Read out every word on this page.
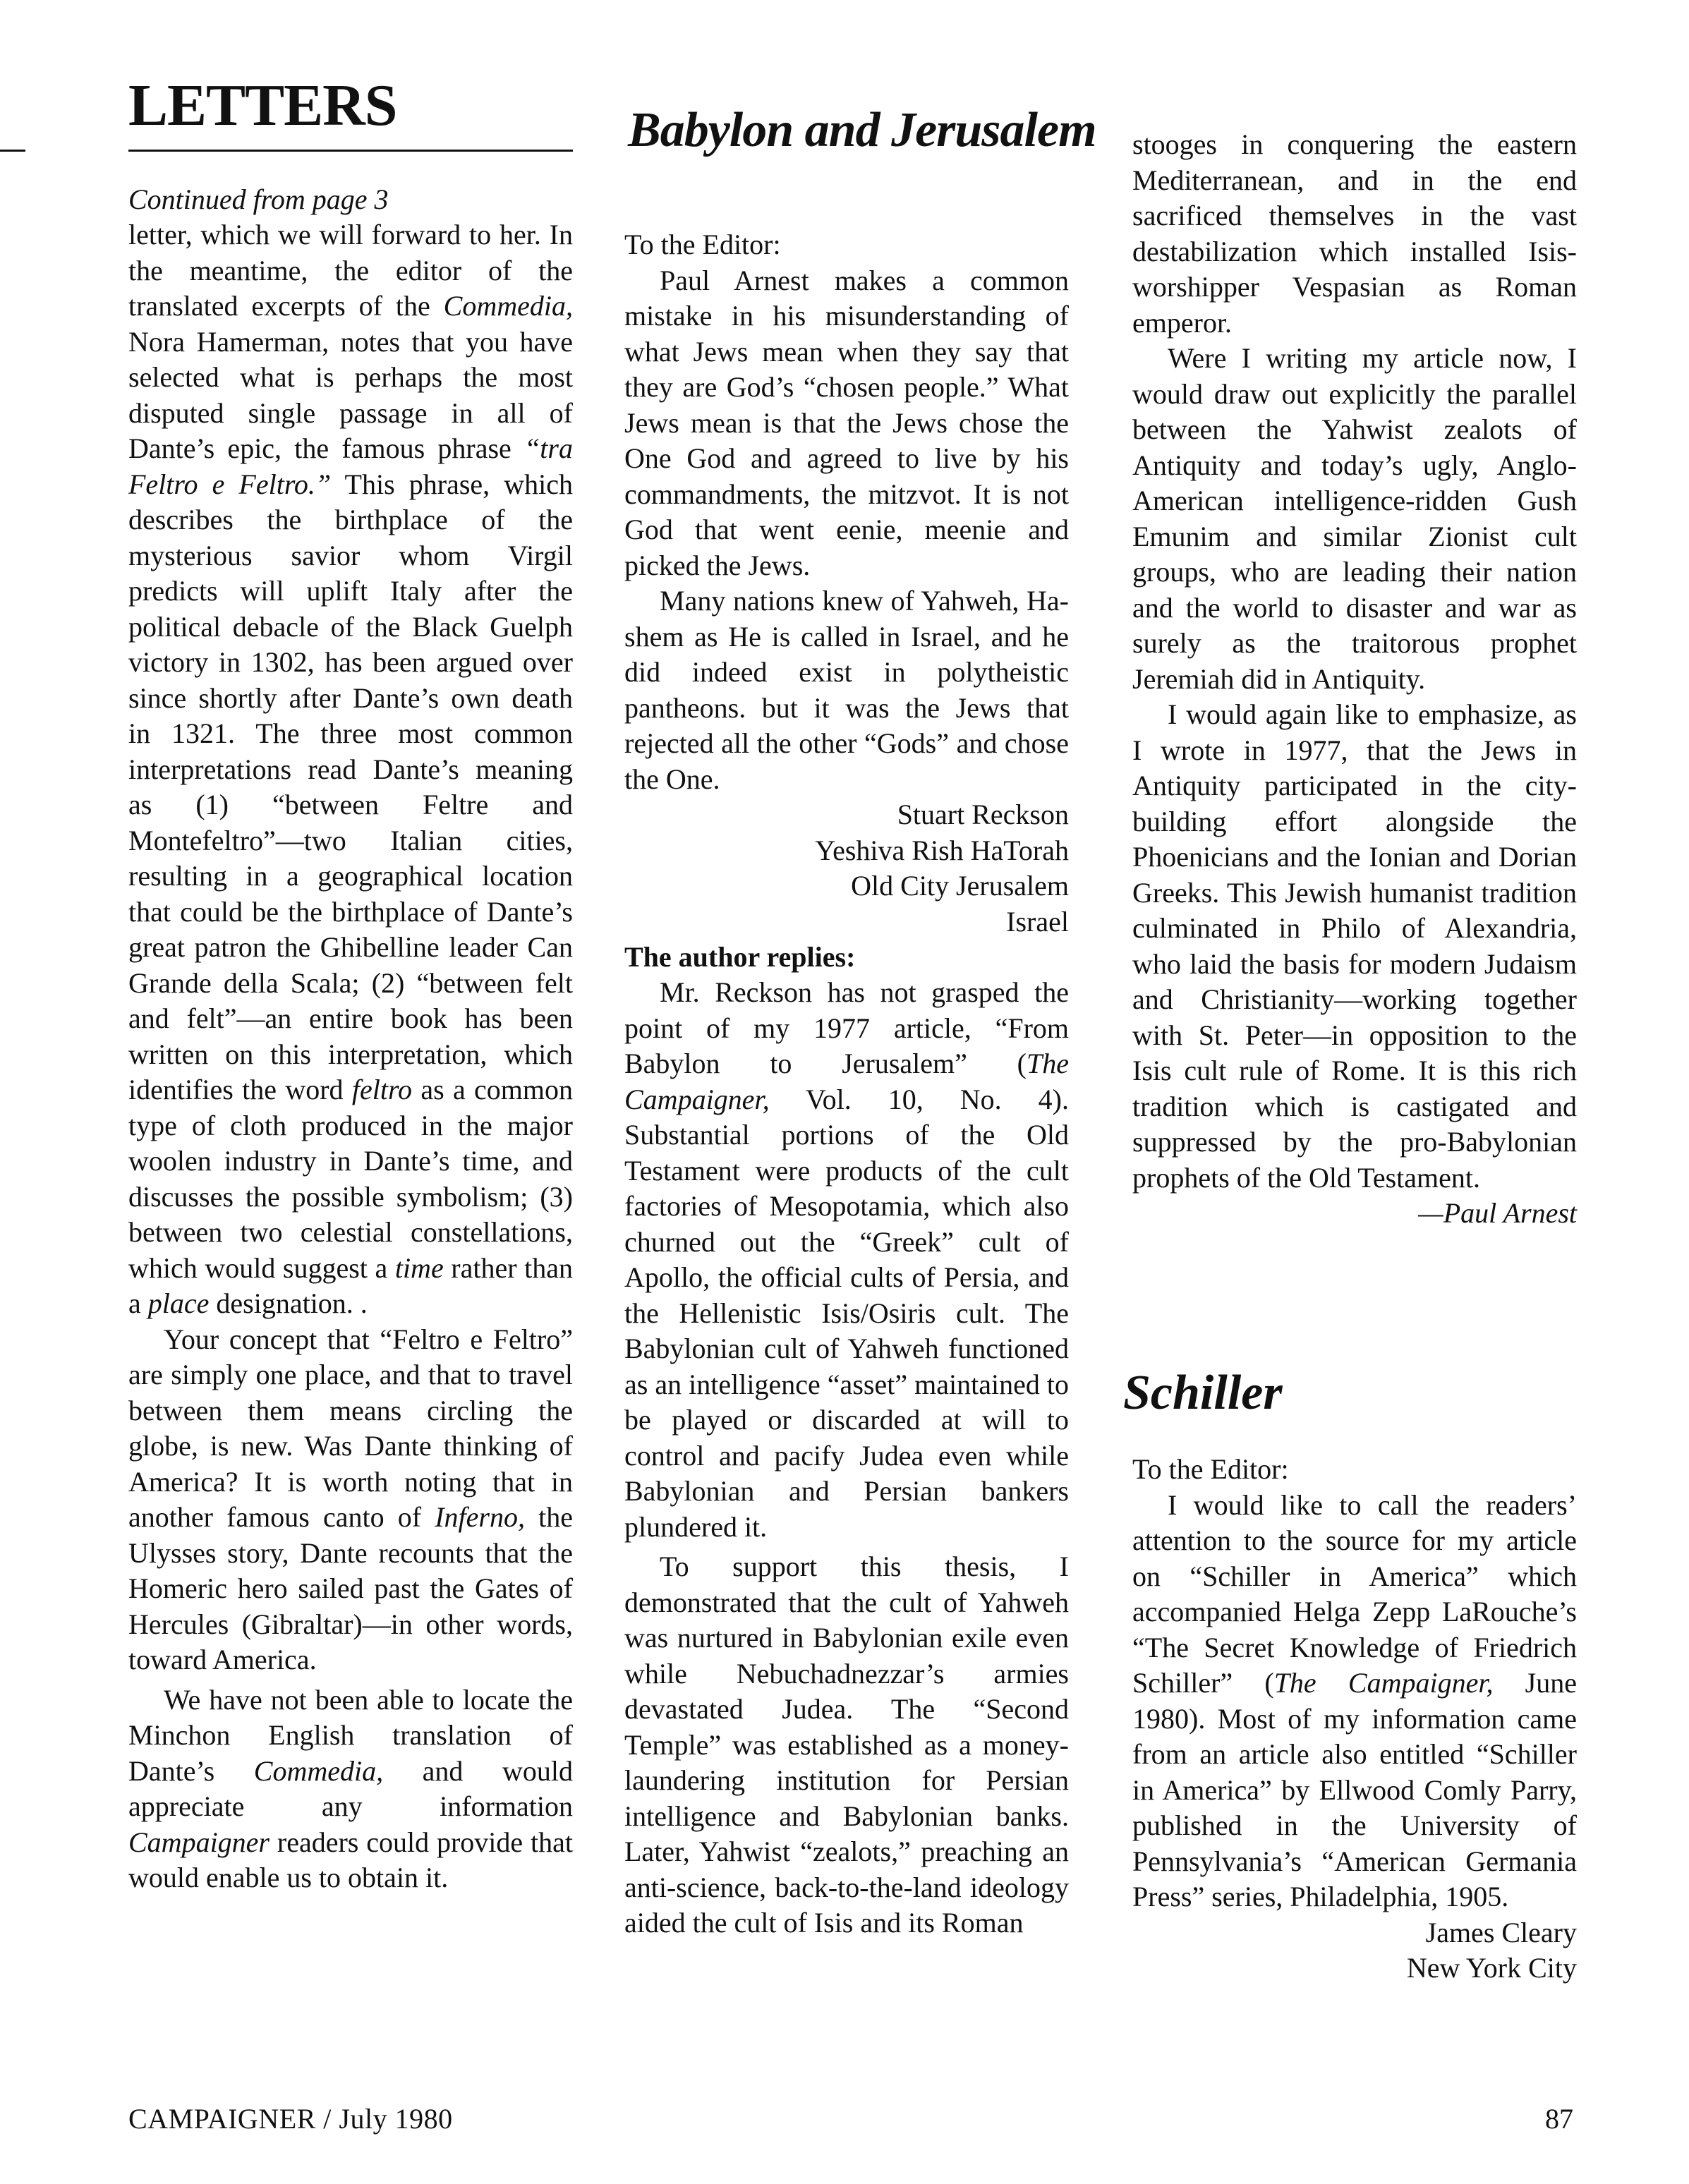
LETTERS	Babylon and Jerusalem
Continued from page 3

letter, which we will forward to her. In the meantime, the editor of the translated excerpts of the Commedia, Nora Hamerman, notes that you have selected what is perhaps the most disputed single passage in all of Dante’s epic, the famous phrase “tra Feltro e Feltro.” This phrase, which describes the birthplace of the mysterious savior whom Virgil predicts will uplift Italy after the political debacle of the Black Guelph victory in 1302, has been argued over since shortly after Dante’s own death in 1321. The three most common interpretations read Dante’s meaning as (1) “between Feltre and Montefeltro”—two Italian cities, resulting in a geographical location that could be the birthplace of Dante’s great patron the Ghibelline leader Can Grande della Scala; (2) “between felt and felt”—an entire book has been written on this interpretation, which identifies the word feltro as a common type of cloth produced in the major woolen industry in Dante’s time, and discusses the possible symbolism; (3) between two celestial constellations, which would suggest a time rather than a place designation. .

Your concept that “Feltro e Feltro” are simply one place, and that to travel between them means circling the globe, is new. Was Dante thinking of America? It is worth noting that in another famous canto of Inferno, the Ulysses story, Dante recounts that the Homeric hero sailed past the Gates of Hercules (Gibraltar)—in other words, toward America.

We have not been able to locate the Minchon English translation of Dante’s Commedia, and would appreciate any information Campaigner readers could provide that would enable us to obtain it.

To the Editor:

Paul Arnest makes a common mistake in his misunderstanding of what Jews mean when they say that they are God’s “chosen people.” What Jews mean is that the Jews chose the One God and agreed to live by his commandments, the mitzvot. It is not God that went eenie, meenie and picked the Jews.

Many nations knew of Yahweh, Ha-shem as He is called in Israel, and he did indeed exist in polytheistic pantheons. but it was the Jews that rejected all the other “Gods” and chose the One.

Stuart Reckson

Yeshiva Rish HaTorah

Old City Jerusalem

Israel

The author replies:

Mr. Reckson has not grasped the point of my 1977 article, “From Babylon to Jerusalem” (The Campaigner, Vol. 10, No. 4). Substantial portions of the Old Testament were products of the cult factories of Mesopotamia, which also churned out the “Greek” cult of Apollo, the official cults of Persia, and the Hellenistic Isis/Osiris cult. The Babylonian cult of Yahweh functioned as an intelligence “asset” maintained to be played or discarded at will to control and pacify Judea even while Babylonian and Persian bankers plundered it.

To support this thesis, I demonstrated that the cult of Yahweh was nurtured in Babylonian exile even while Nebuchadnezzar’s armies devastated Judea. The “Second Temple” was established as a money-laundering institution for Persian intelligence and Babylonian banks. Later, Yahwist “zealots,” preaching an anti-science, back-to-the-land ideology aided the cult of Isis and its Roman

stooges in conquering the eastern Mediterranean, and in the end sacrificed themselves in the vast destabilization which installed Isis-worshipper Vespasian as Roman emperor.

Were I writing my article now, I would draw out explicitly the parallel between the Yahwist zealots of Antiquity and today’s ugly, Anglo-American intelligence-ridden Gush Emunim and similar Zionist cult groups, who are leading their nation and the world to disaster and war as surely as the traitorous prophet Jeremiah did in Antiquity.

I would again like to emphasize, as I wrote in 1977, that the Jews in Antiquity participated in the city-building effort alongside the Phoenicians and the Ionian and Dorian Greeks. This Jewish humanist tradition culminated in Philo of Alexandria, who laid the basis for modern Judaism and Christianity—working together with St. Peter—in opposition to the Isis cult rule of Rome. It is this rich tradition which is castigated and suppressed by the pro-Babylonian prophets of the Old Testament.

—Paul Arnest

Schiller

To the Editor:

I would like to call the readers’ attention to the source for my article on “Schiller in America” which accompanied Helga Zepp LaRouche’s “The Secret Knowledge of Friedrich Schiller” (The Campaigner, June 1980). Most of my information came from an article also entitled “Schiller in America” by Ellwood Comly Parry, published in the University of Pennsylvania’s “American Germania Press” series, Philadelphia, 1905.

James Cleary

New York City

CAMPAIGNER / July 1980	87
